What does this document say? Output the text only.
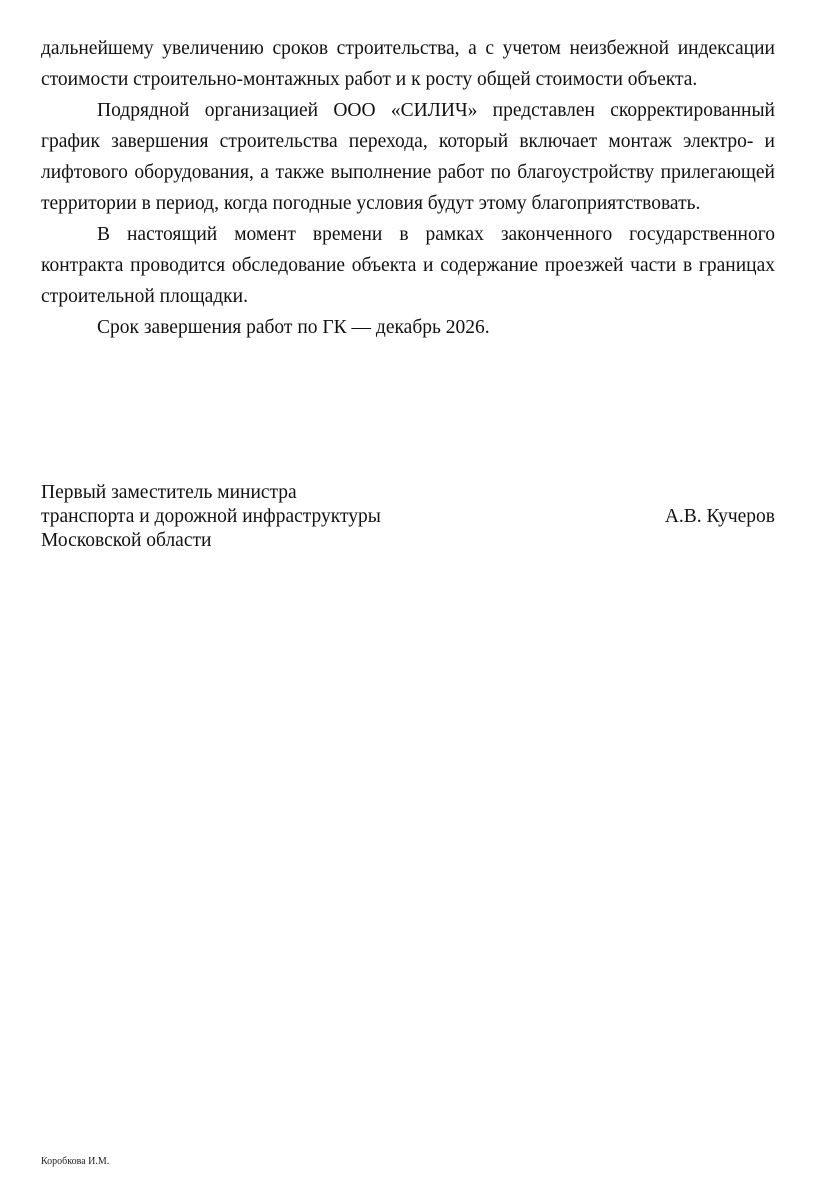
дальнейшему увеличению сроков строительства, а с учетом неизбежной индексации стоимости строительно-монтажных работ и к росту общей стоимости объекта.

Подрядной организацией ООО «СИЛИЧ» представлен скорректированный график завершения строительства перехода, который включает монтаж электро- и лифтового оборудования, а также выполнение работ по благоустройству прилегающей территории в период, когда погодные условия будут этому благоприятствовать.

В настоящий момент времени в рамках законченного государственного контракта проводится обследование объекта и содержание проезжей части в границах строительной площадки.

Срок завершения работ по ГК — декабрь 2026.

Первый заместитель министра
транспорта и дорожной инфраструктуры
Московской области
А.В. Кучеров
Коробкова И.М.
